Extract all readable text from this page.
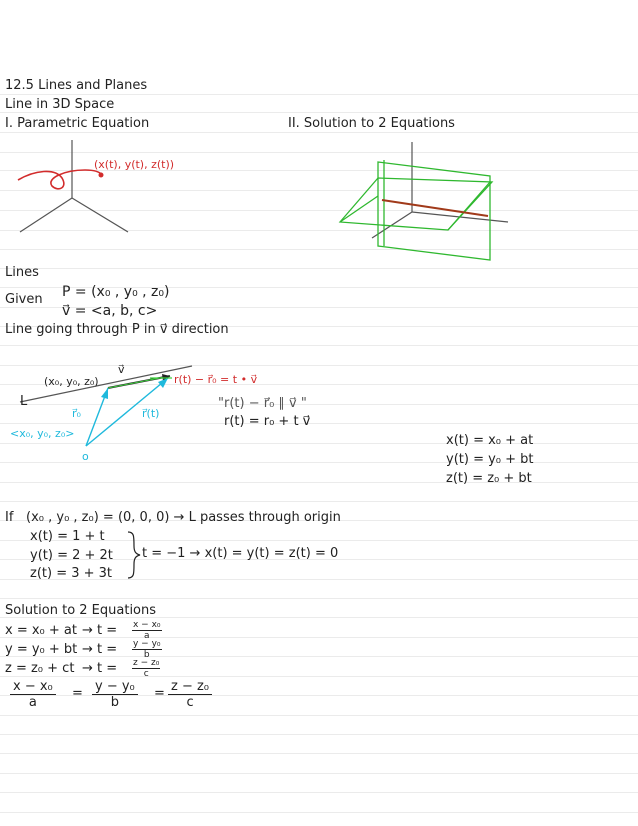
12.5 Lines and Planes
Line in 3D Space
I. Parametric Equation	II. Solution to 2 Equations
(x(t), y(t), z(t))
Lines
Given P = (x₀ , y₀ , z₀)
v⃗ = <a, b, c>
Line going through P in v⃗ direction
(x₀, y₀, z₀)
v⃗
r(t) − r⃗₀ = t • v⃗
L
r⃗₀	r⃗(t)
<x₀, y₀, z₀>
o
"r(t) − r⃗₀ ∥ v⃗ "
r(t) = r₀ + t v⃗
x(t) = x₀ + at
y(t) = y₀ + bt
z(t) = z₀ + bt
If (x₀ , y₀ , z₀) = (0, 0, 0) → L passes through origin
x(t) = 1 + t
y(t) = 2 + 2t
z(t) = 3 + 3t
t = −1 → x(t) = y(t) = z(t) = 0
Solution to 2 Equations
x = x₀ + at → $t = \frac{\text{x − x₀}}{a}$
y = y₀ + bt → $t = \frac{\text{y − y₀}}{b}$
z = z₀ + ct → $t = \frac{\text{z − z₀}}{c}$
$\frac{\text{x − x₀}}{a} = \frac{\text{y − y₀}}{b} = \frac{\text{z − z₀}}{c}$
